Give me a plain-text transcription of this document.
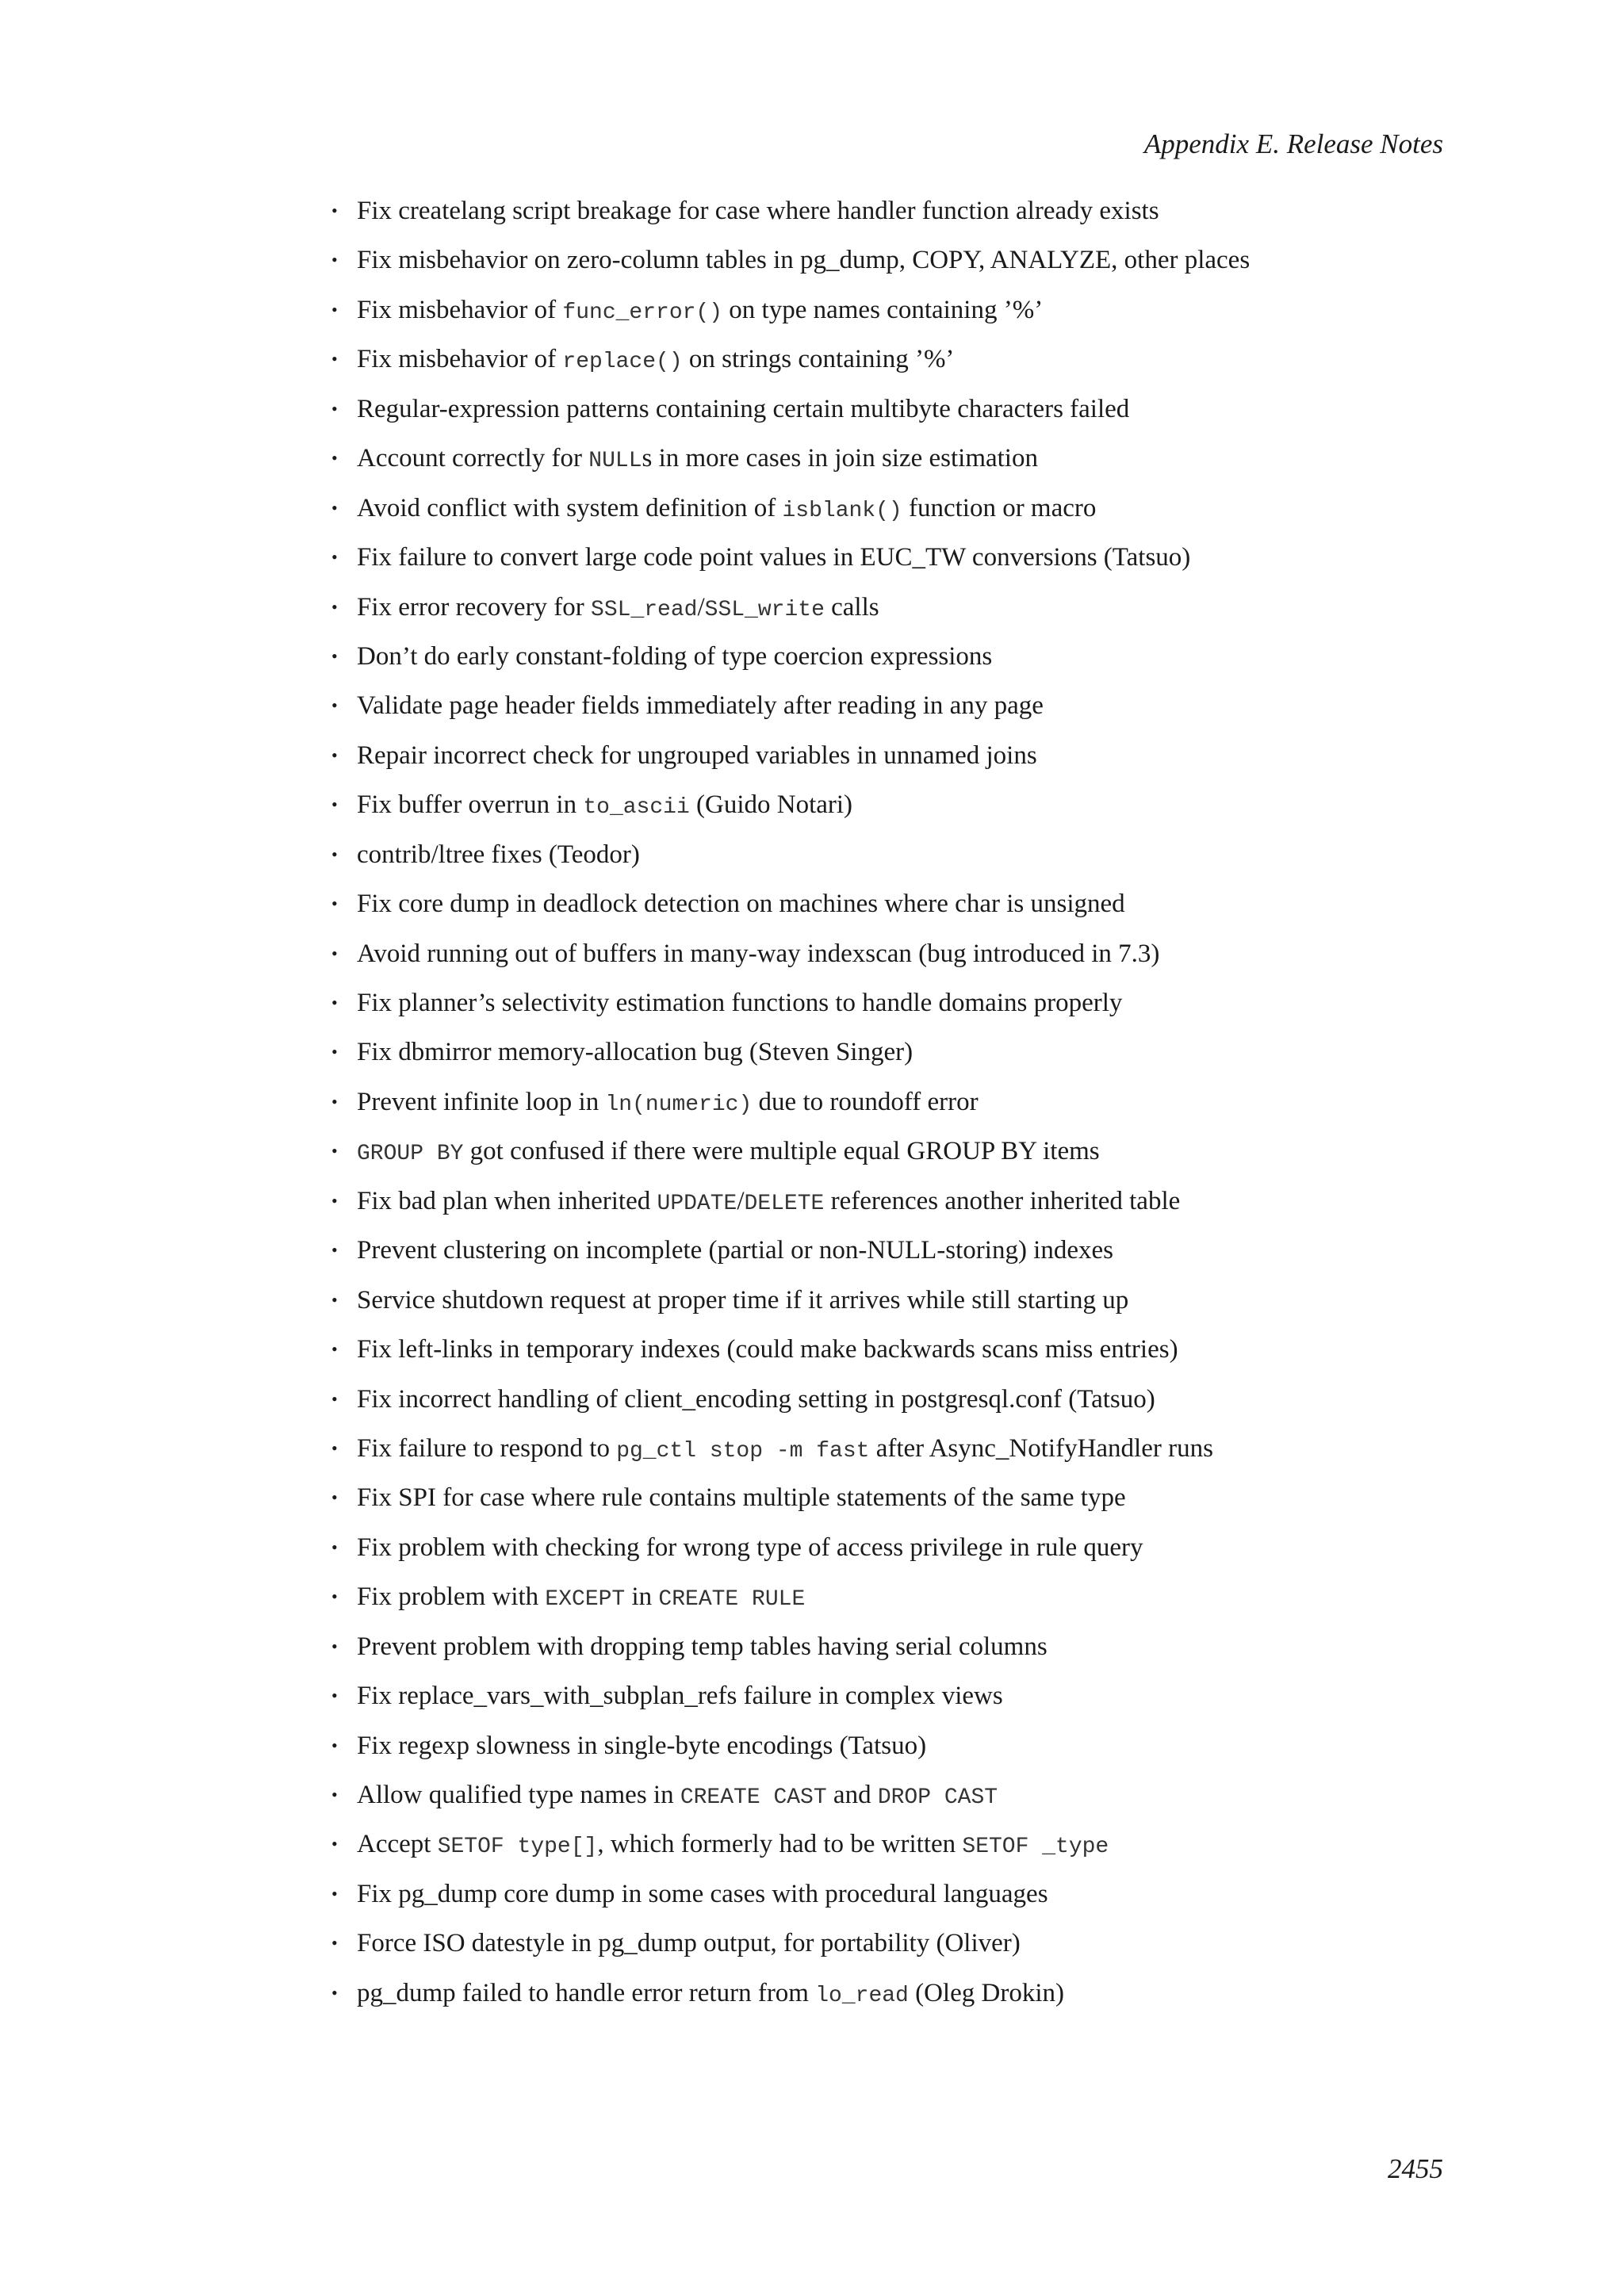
Appendix E. Release Notes
• Fix createlang script breakage for case where handler function already exists
• Fix misbehavior on zero-column tables in pg_dump, COPY, ANALYZE, other places
• Fix misbehavior of func_error() on type names containing ’%’
• Fix misbehavior of replace() on strings containing ’%’
• Regular-expression patterns containing certain multibyte characters failed
• Account correctly for NULLs in more cases in join size estimation
• Avoid conflict with system definition of isblank() function or macro
• Fix failure to convert large code point values in EUC_TW conversions (Tatsuo)
• Fix error recovery for SSL_read/SSL_write calls
• Don’t do early constant-folding of type coercion expressions
• Validate page header fields immediately after reading in any page
• Repair incorrect check for ungrouped variables in unnamed joins
• Fix buffer overrun in to_ascii (Guido Notari)
• contrib/ltree fixes (Teodor)
• Fix core dump in deadlock detection on machines where char is unsigned
• Avoid running out of buffers in many-way indexscan (bug introduced in 7.3)
• Fix planner’s selectivity estimation functions to handle domains properly
• Fix dbmirror memory-allocation bug (Steven Singer)
• Prevent infinite loop in ln(numeric) due to roundoff error
• GROUP BY got confused if there were multiple equal GROUP BY items
• Fix bad plan when inherited UPDATE/DELETE references another inherited table
• Prevent clustering on incomplete (partial or non-NULL-storing) indexes
• Service shutdown request at proper time if it arrives while still starting up
• Fix left-links in temporary indexes (could make backwards scans miss entries)
• Fix incorrect handling of client_encoding setting in postgresql.conf (Tatsuo)
• Fix failure to respond to pg_ctl stop -m fast after Async_NotifyHandler runs
• Fix SPI for case where rule contains multiple statements of the same type
• Fix problem with checking for wrong type of access privilege in rule query
• Fix problem with EXCEPT in CREATE RULE
• Prevent problem with dropping temp tables having serial columns
• Fix replace_vars_with_subplan_refs failure in complex views
• Fix regexp slowness in single-byte encodings (Tatsuo)
• Allow qualified type names in CREATE CAST and DROP CAST
• Accept SETOF type[], which formerly had to be written SETOF _type
• Fix pg_dump core dump in some cases with procedural languages
• Force ISO datestyle in pg_dump output, for portability (Oliver)
• pg_dump failed to handle error return from lo_read (Oleg Drokin)
2455
